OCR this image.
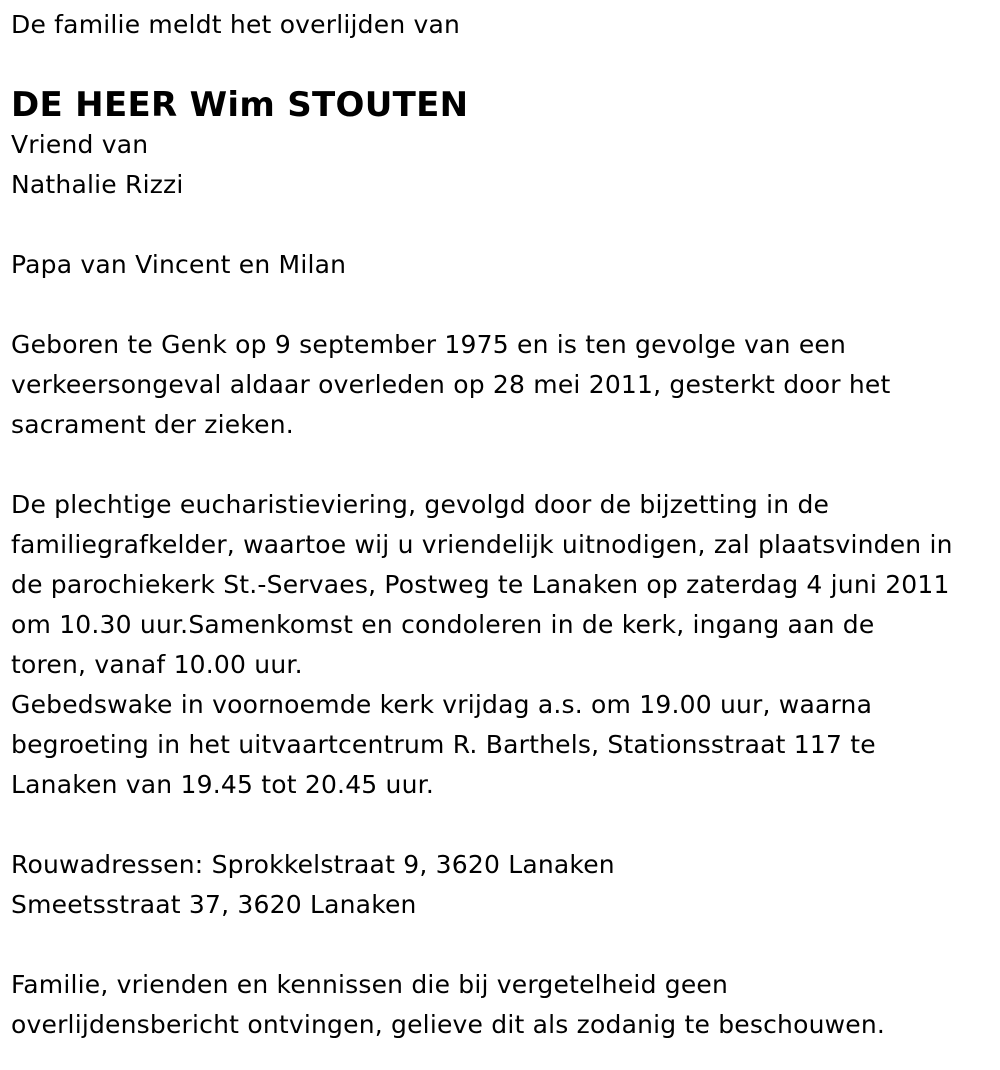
De familie meldt het overlijden van
DE HEER Wim STOUTEN
Vriend van
Nathalie Rizzi
Papa van Vincent en Milan
Geboren te Genk op 9 september 1975 en is ten gevolge van een
verkeersongeval aldaar overleden op 28 mei 2011, gesterkt door het
sacrament der zieken.
De plechtige eucharistieviering, gevolgd door de bijzetting in de
familiegrafkelder, waartoe wij u vriendelijk uitnodigen, zal plaatsvinden in
de parochiekerk St.-Servaes, Postweg te Lanaken op zaterdag 4 juni 2011
om 10.30 uur.Samenkomst en condoleren in de kerk, ingang aan de
toren, vanaf 10.00 uur.
Gebedswake in voornoemde kerk vrijdag a.s. om 19.00 uur, waarna
begroeting in het uitvaartcentrum R. Barthels, Stationsstraat 117 te
Lanaken van 19.45 tot 20.45 uur.
Rouwadressen: Sprokkelstraat 9, 3620 Lanaken
Smeetsstraat 37, 3620 Lanaken
Familie, vrienden en kennissen die bij vergetelheid geen
overlijdensbericht ontvingen, gelieve dit als zodanig te beschouwen.
